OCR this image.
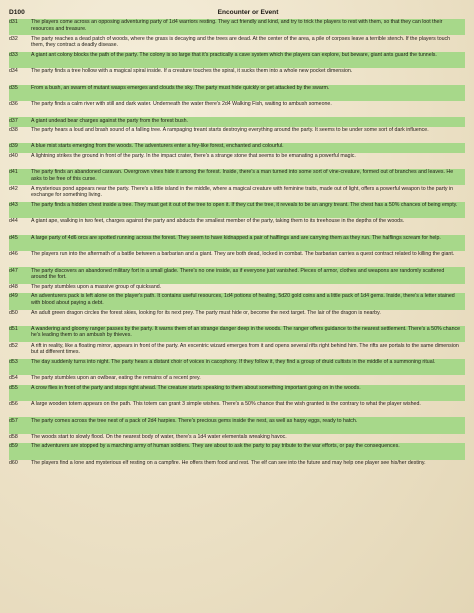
D100	Encounter or Event
d31	The players come across an opposing adventuring party of 1d4 warriors resting. They act friendly and kind, and try to trick the players to rest with them, so that they can loot their resources and treasure.
d32	The party reaches a dead patch of woods, where the grass is decaying and the trees are dead. At the center of the area, a pile of corpses leave a terrible stench. If the players touch them, they contract a deadly disease.
d33	A giant ant colony blocks the path of the party. The colony is so large that it's practically a cave system which the players can explore, but beware, giant ants guard the tunnels.
d34	The party finds a tree hollow with a magical spiral inside. If a creature touches the spiral, it sucks them into a whole new pocket dimension.
d35	From a bush, an swarm of mutant wasps emerges and clouds the sky. The party must hide quickly or get attacked by the swarm.
d36	The party finds a calm river with still and dark water. Underneath the water there's 2d4 Walking Fish, waiting to ambush someone.
d37	A giant undead bear charges against the party from the forest bush.
d38	The party hears a loud and brash sound of a falling tree. A rampaging treant starts destroying everything around the party. It seems to be under some sort of dark influence.
d39	A blue mist starts emerging from the woods. The adventurers enter a fey-like forest, enchanted and colourful.
d40	A lightning strikes the ground in front of the party. In the impact crater, there's a strange stone that seems to be emanating a powerful magic.
d41	The party finds an abandoned caravan. Overgrown vines hide it among the forest. Inside, there's a man turned into some sort of vine-creature, formed out of branches and leaves. He asks to be free of this curse.
d42	A mysterious pond appears near the party. There's a little island in the middle, where a magical creature with feminine traits, made out of light, offers a powerful weapon to the party in exchange for something living.
d43	The party finds a hidden chest inside a tree. They must get it out of the tree to open it. If they cut the tree, it reveals to be an angry treant. The chest has a 50% chances of being empty.
d44	A giant ape, walking in two feet, charges against the party and abducts the smallest member of the party, taking them to its treehouse in the depths of the woods.
d45	A large party of 4d6 orcs are spotted running across the forest. They seem to have kidnapped a pair of halflings and are carrying them as they run. The halflings scream for help.
d46	The players run into the aftermath of a battle between a barbarian and a giant. They are both dead, locked in combat. The barbarian carries a quest contract related to killing the giant.
d47	The party discovers an abandoned military fort in a small glade. There's no one inside, as if everyone just vanished. Pieces of armor, clothes and weapons are randomly scattered around the fort.
d48	The party stumbles upon a massive group of quicksand.
d49	An adventurers pack is left alone on the player's path. It contains useful resources, 1d4 potions of healing, 5d20 gold coins and a little pack of 1d4 gems. Inside, there's a letter stained with blood about paying a debt.
d50	An adult green dragon circles the forest skies, looking for its next prey. The party must hide or, become the next target. The lair of the dragon is nearby.
d51	A wandering and gloomy ranger passes by the party. It warns them of an strange danger deep in the woods. The ranger offers guidance to the nearest settlement. There's a 50% chance he's leading them to an ambush by thieves.
d52	A rift in reality, like a floating mirror, appears in front of the party. An excentric wizard emerges from it and opens several rifts right behind him. The rifts are portals to the same dimension but at different times.
d53	The day suddenly turns into night. The party hears a distant choir of voices in cacophony. If they follow it, they find a group of druid cultists in the middle of a summoning ritual.
d54	The party stumbles upon an owlbear, eating the remains of a recent prey.
d55	A crow flies in front of the party and stops right ahead. The creature starts speaking to them about something important going on in the woods.
d56	A large wooden totem appears on the path. This totem can grant 3 simple wishes. There's a 50% chance that the wish granted is the contrary to what the player wished.
d57	The party comes across the tree nest of a pack of 2d4 harpies. There's precious gems inside the nest, as well as harpy eggs, ready to hatch.
d58	The woods start to slowly flood. On the nearest body of water, there's a 1d4 water elementals wreaking havoc.
d59	The adventurers are stopped by a marching army of human soldiers. They are about to ask the party to pay tribute to the war efforts, or pay the consequences.
d60	The players find a lone and mysterious elf resting on a campfire. He offers them food and rest. The elf can see into the future and may help one player see his/her destiny.
